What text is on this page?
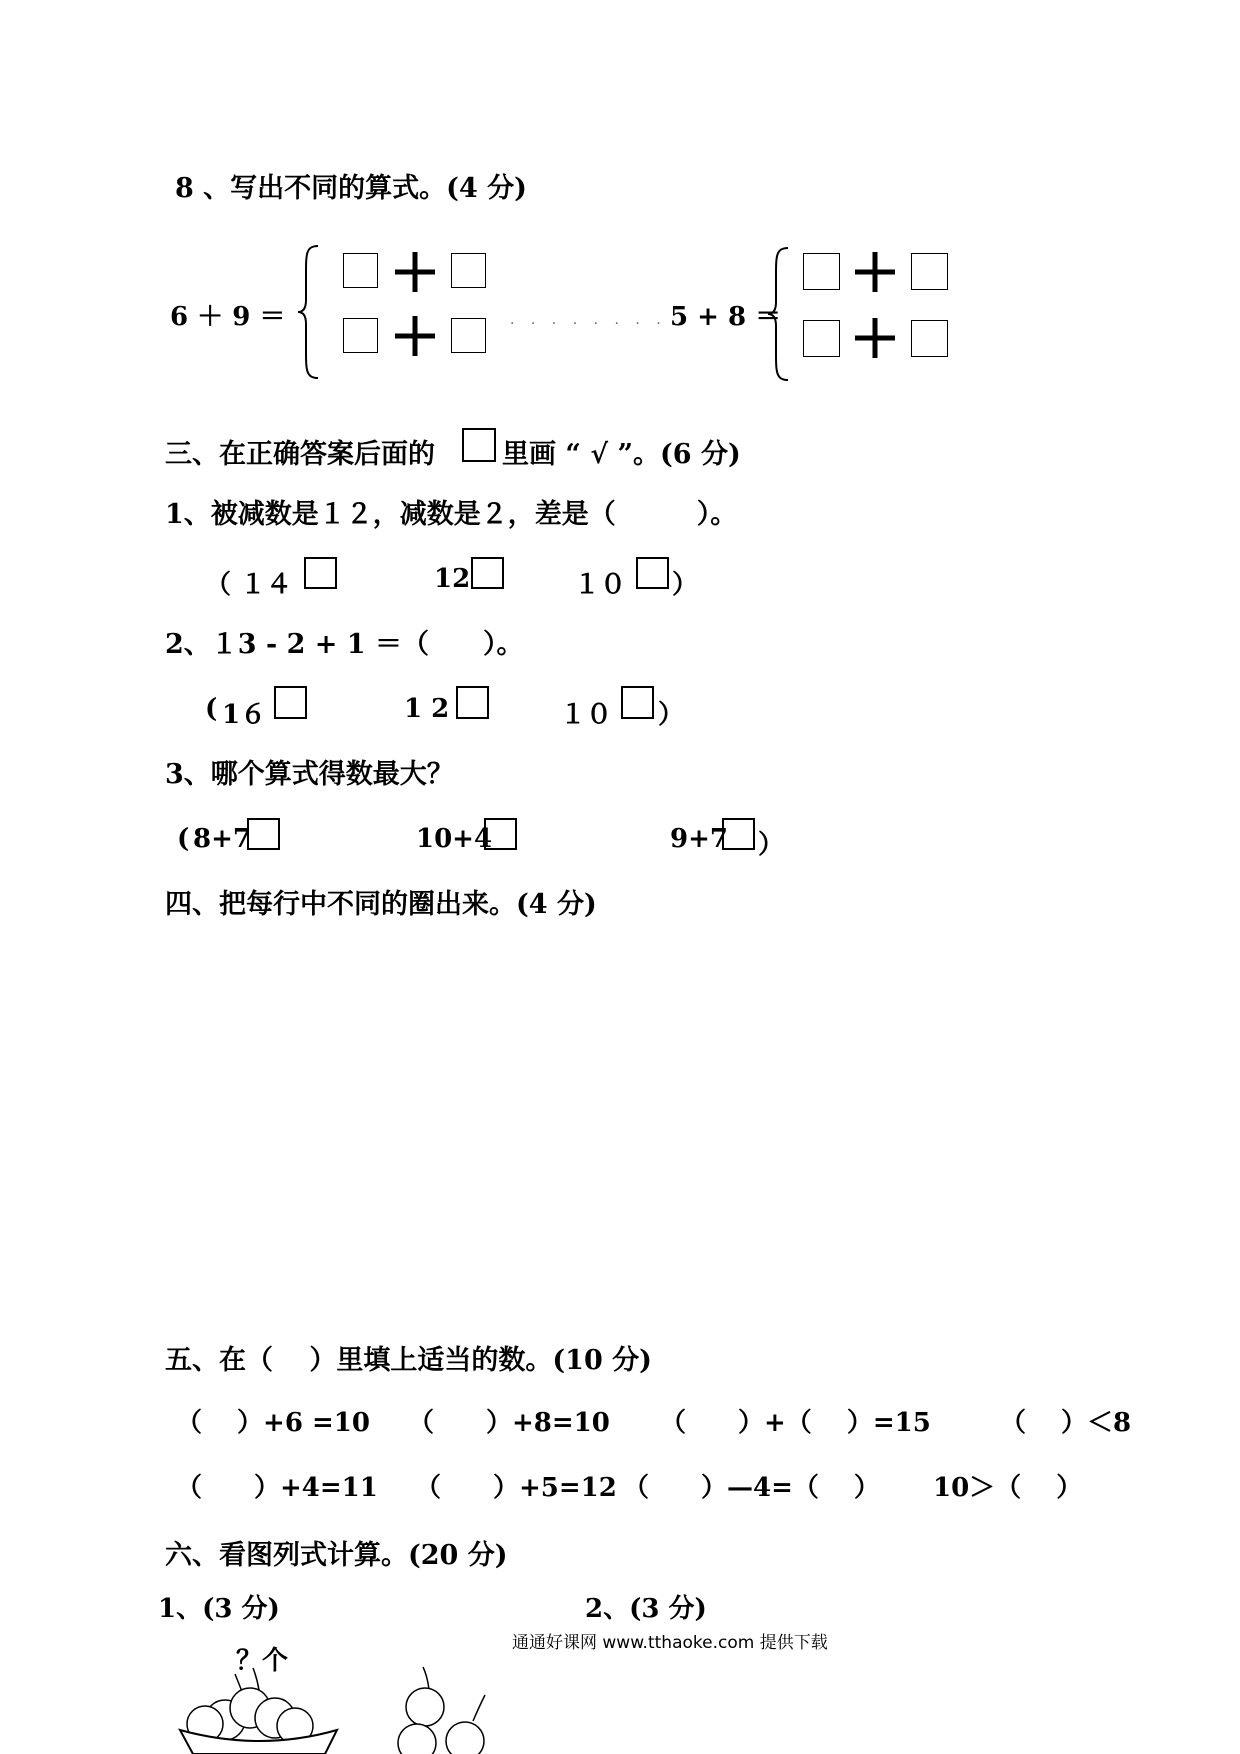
8 、写出不同的算式。(4 分)
6 ＋ 9 ＝	. . . . . . . . .
5 + 8 ＝
三、在正确答案后面的 里画 “ √ ”。(6 分)
1、被减数是１２，减数是２，差是（　　　）。
（ １４	12	１０ ）
2、１3 - 2 + 1 ＝（　　）。
( 1６	1 2	１０ ）
3、哪个算式得数最大？
( 8+7	10+4	9+7 ）
四、把每行中不同的圈出来。(4 分)
五、在（　 ）里填上适当的数。(10 分)
（　 ）+6 =10 （　　）+8=10 （　　）+（　 ）=15	（　 ）＜8
（　　）+4=11 （　　）+5=12 （　　）—4=（　 ） 10＞（　 ）
六、看图列式计算。(20 分)
1、(3 分)	2、(3 分)
通通好课网 www.tthaoke.com 提供下载
？个
